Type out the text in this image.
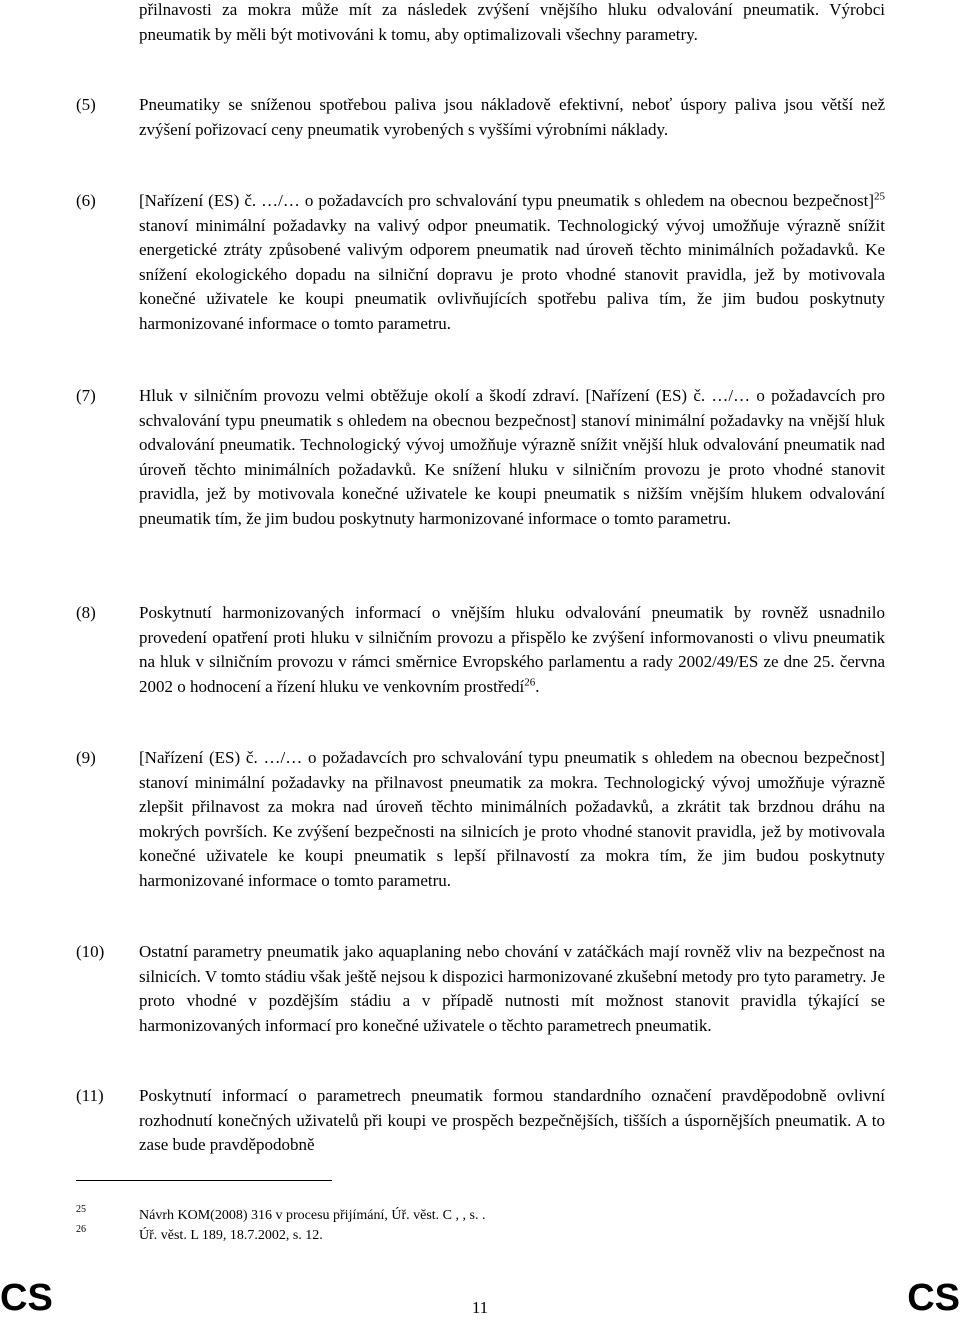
přilnavosti za mokra může mít za následek zvýšení vnějšího hluku odvalování pneumatik. Výrobci pneumatik by měli být motivováni k tomu, aby optimalizovali všechny parametry.
(5)	Pneumatiky se sníženou spotřebou paliva jsou nákladově efektivní, neboť úspory paliva jsou větší než zvýšení pořizovací ceny pneumatik vyrobených s vyššími výrobními náklady.
(6)	[Nařízení (ES) č. …/… o požadavcích pro schvalování typu pneumatik s ohledem na obecnou bezpečnost]$^{25}$ stanoví minimální požadavky na valivý odpor pneumatik. Technologický vývoj umožňuje výrazně snížit energetické ztráty způsobené valivým odporem pneumatik nad úroveň těchto minimálních požadavků. Ke snížení ekologického dopadu na silniční dopravu je proto vhodné stanovit pravidla, jež by motivovala konečné uživatele ke koupi pneumatik ovlivňujících spotřebu paliva tím, že jim budou poskytnuty harmonizované informace o tomto parametru.
(7)	Hluk v silničním provozu velmi obtěžuje okolí a škodí zdraví. [Nařízení (ES) č. …/… o požadavcích pro schvalování typu pneumatik s ohledem na obecnou bezpečnost] stanoví minimální požadavky na vnější hluk odvalování pneumatik. Technologický vývoj umožňuje výrazně snížit vnější hluk odvalování pneumatik nad úroveň těchto minimálních požadavků. Ke snížení hluku v silničním provozu je proto vhodné stanovit pravidla, jež by motivovala konečné uživatele ke koupi pneumatik s nižším vnějším hlukem odvalování pneumatik tím, že jim budou poskytnuty harmonizované informace o tomto parametru.
(8)	Poskytnutí harmonizovaných informací o vnějším hluku odvalování pneumatik by rovněž usnadnilo provedení opatření proti hluku v silničním provozu a přispělo ke zvýšení informovanosti o vlivu pneumatik na hluk v silničním provozu v rámci směrnice Evropského parlamentu a rady 2002/49/ES ze dne 25. června 2002 o hodnocení a řízení hluku ve venkovním prostředí$^{26}$.
(9)	[Nařízení (ES) č. …/… o požadavcích pro schvalování typu pneumatik s ohledem na obecnou bezpečnost] stanoví minimální požadavky na přilnavost pneumatik za mokra. Technologický vývoj umožňuje výrazně zlepšit přilnavost za mokra nad úroveň těchto minimálních požadavků, a zkrátit tak brzdnou dráhu na mokrých površích. Ke zvýšení bezpečnosti na silnicích je proto vhodné stanovit pravidla, jež by motivovala konečné uživatele ke koupi pneumatik s lepší přilnavostí za mokra tím, že jim budou poskytnuty harmonizované informace o tomto parametru.
(10)	Ostatní parametry pneumatik jako aquaplaning nebo chování v zatáčkách mají rovněž vliv na bezpečnost na silnicích. V tomto stádiu však ještě nejsou k dispozici harmonizované zkušební metody pro tyto parametry. Je proto vhodné v pozdějším stádiu a v případě nutnosti mít možnost stanovit pravidla týkající se harmonizovaných informací pro konečné uživatele o těchto parametrech pneumatik.
(11)	Poskytnutí informací o parametrech pneumatik formou standardního označení pravděpodobně ovlivní rozhodnutí konečných uživatelů při koupi ve prospěch bezpečnějších, tišších a úspornějších pneumatik. A to zase bude pravděpodobně
25	Návrh KOM(2008) 316 v procesu přijímání, Úř. věst. C , , s. .
26	Úř. věst. L 189, 18.7.2002, s. 12.
CS	11	CS
